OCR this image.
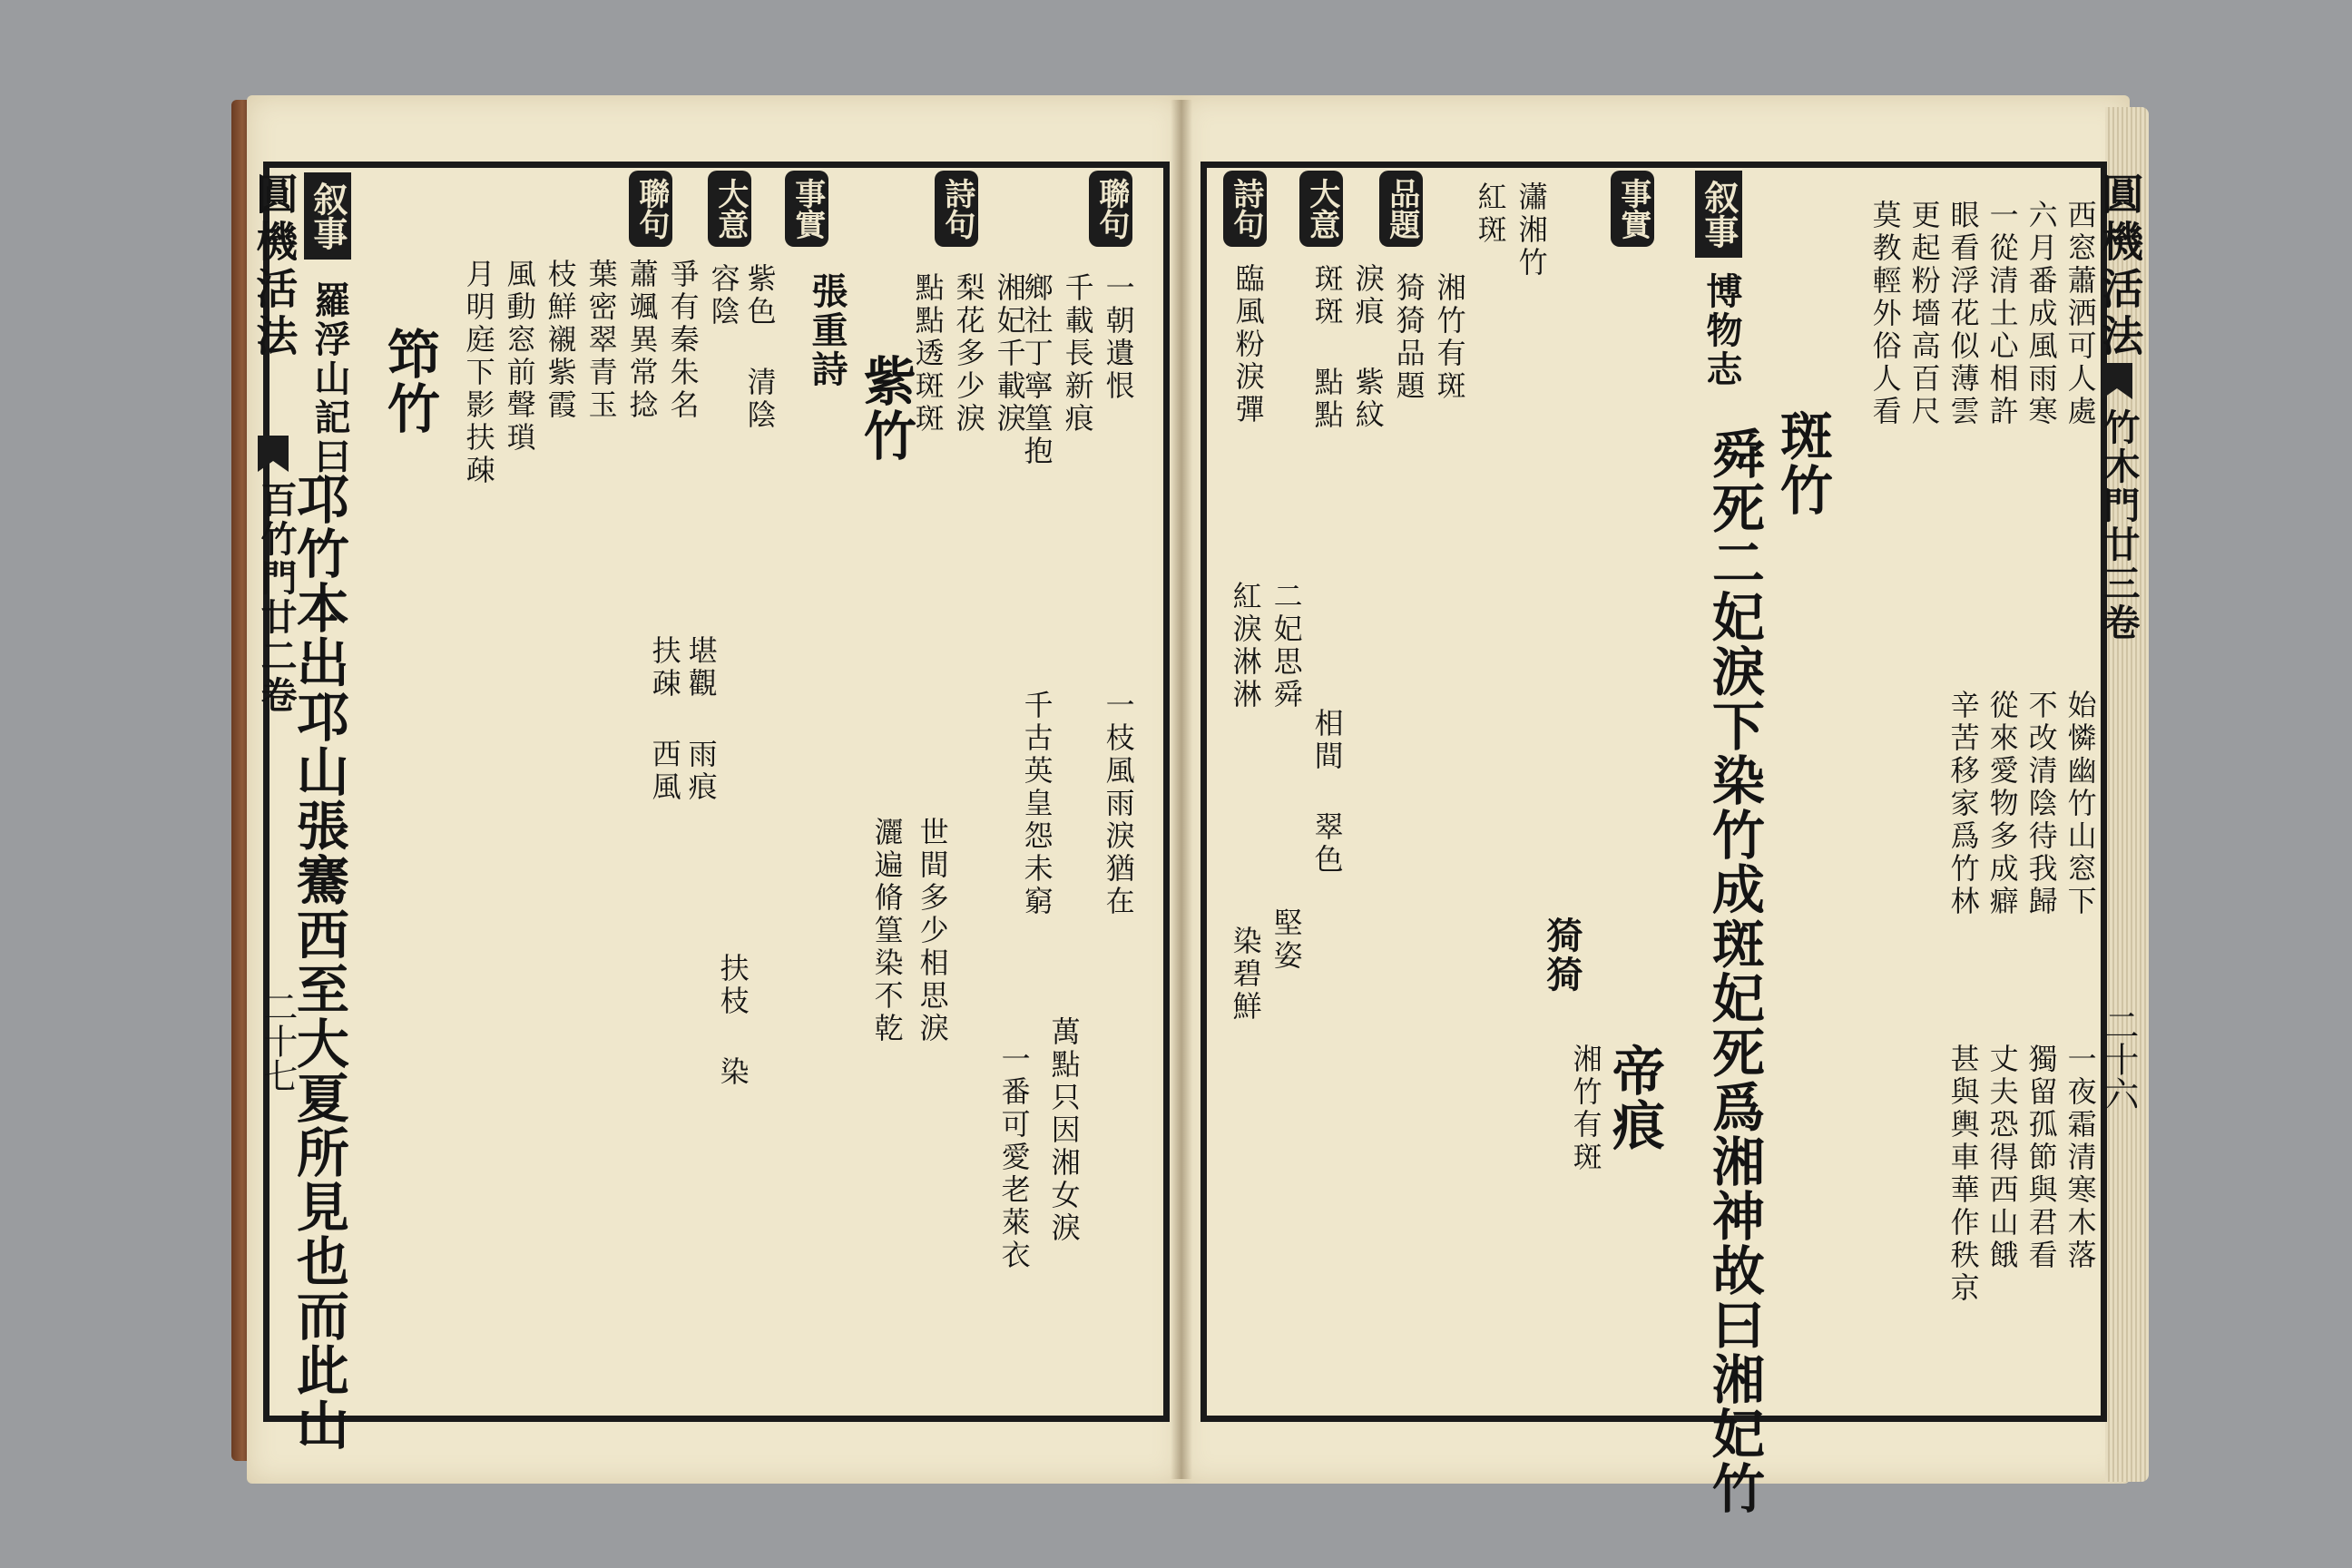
圓機活法
百竹門廿二卷
二十七
叙事
羅浮山記曰
邛竹本出邛山張騫西至大夏所見也而此山
笻竹
聯句
月明庭下影扶疎 風動窓前聲瑣 枝鮮襯紫霞 葉密翠青玉 蕭颯異常捻 爭有秦朱名
大意
容陰 紫色 清陰
堪觀 雨痕
扶疎 西風
扶枝 染
事實
張重詩
紫竹
詩句
梨花多少淚 湘妃千載淚
點點透斑斑
世間多少相思淚
灑遍脩篁染不乾
聯句
一朝遺恨
千載長新痕
鄉社丁寧篁抱
一枝風雨淚猶在
千古英皇怨未窮
萬點只因湘女淚
一番可愛老萊衣
詩句 大意 品題	事實 叙事
博物志
臨風粉淚彈
二妃思舜
紅淚淋淋
染碧鮮
斑斑 點點 淚痕 紫紋
相間 翠色
堅姿
猗猗品題 湘竹有斑
紅斑 瀟湘竹
猗猗
帝痕
湘竹有斑 舜死二妃淚下染竹成斑妃死爲湘神故曰湘妃竹 斑竹
西窓蕭洒可人處
六月番成風雨寒
一從清土心相許
眼看浮花似薄雲
更起粉墻高百尺
莫教輕外俗人看
始憐幽竹山窓下
不改清陰待我歸
從來愛物多成癖
辛苦移家爲竹林
一夜霜清寒木落
獨留孤節與君看
丈夫恐得西山餓
甚與輿車華作秩京
圓機活法
竹木門廿三卷
二十六
